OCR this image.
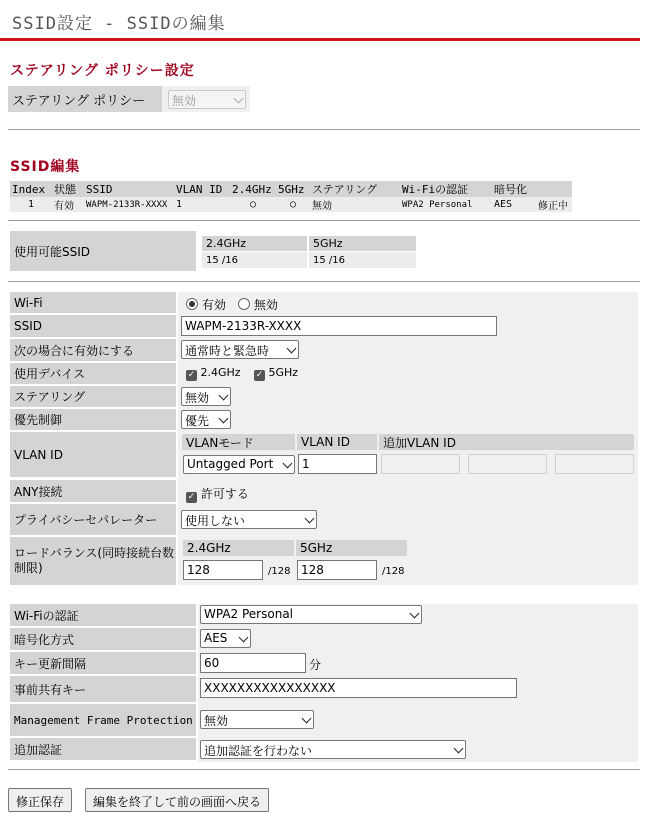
SSID設定 - SSIDの編集
ステアリング ポリシー設定
ステアリング ポリシー	無効
SSID編集
Index	状態	SSID	VLAN ID	2.4GHz	5GHz	ステアリング	Wi-Fiの認証	暗号化	
1	有効	WAPM-2133R-XXXX	1	○	○	無効	WPA2 Personal	AES	修正中
使用可能SSID
2.4GHz	5GHz
15 /16	15 /16
Wi-Fi	有効	無効
SSID	WAPM-2133R-XXXX
次の場合に有効にする	通常時と緊急時
使用デバイス	✓ 2.4GHz ✓ 5GHz
ステアリング	無効
優先制御	優先
VLAN ID
VLANモード	VLAN ID	追加VLAN ID
Untagged Port	1
ANY接続	✓ 許可する
プライバシーセパレーター	使用しない
ロードバランス(同時接続台数制限)
2.4GHz	5GHz
128	/128 128	/128
Wi-Fiの認証	WPA2 Personal
暗号化方式	AES
キー更新間隔	60	分
事前共有キー	XXXXXXXXXXXXXXXX
Management Frame Protection 無効
追加認証	追加認証を行わない
修正保存	編集を終了して前の画面へ戻る
